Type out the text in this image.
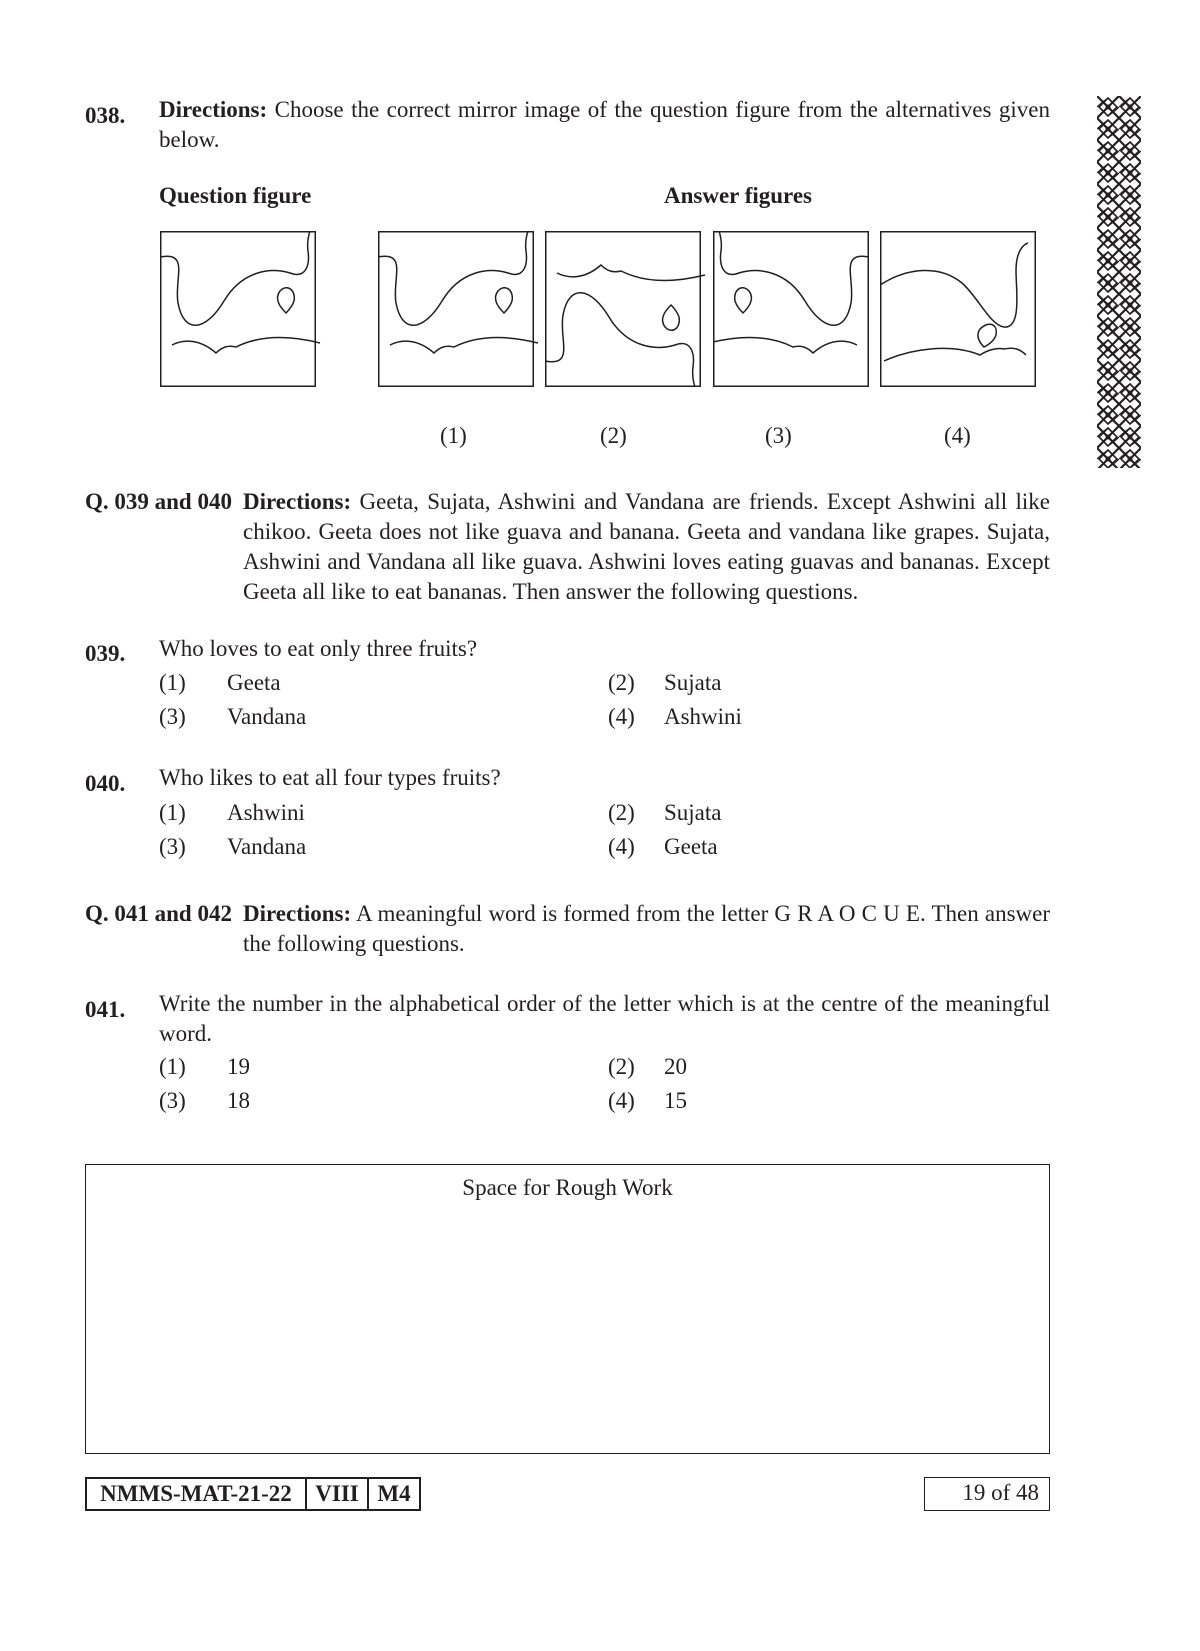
038. Directions: Choose the correct mirror image of the question figure from the alternatives given below.
Question figure	Answer figures
(1)	(2)	(3)	(4)
Q. 039 and 040 Directions: Geeta, Sujata, Ashwini and Vandana are friends. Except Ashwini all like chikoo. Geeta does not like guava and banana. Geeta and vandana like grapes. Sujata, Ashwini and Vandana all like guava. Ashwini loves eating guavas and bananas. Except Geeta all like to eat bananas. Then answer the following questions.
039. Who loves to eat only three fruits?
(1) Geeta	(2) Sujata
(3) Vandana	(4) Ashwini
040. Who likes to eat all four types fruits?
(1) Ashwini	(2) Sujata
(3) Vandana	(4) Geeta
Q. 041 and 042 Directions: A meaningful word is formed from the letter G R A O C U E. Then answer the following questions.
041. Write the number in the alphabetical order of the letter which is at the centre of the meaningful word.
(1) 19	(2) 20
(3) 18	(4) 15
Space for Rough Work
NMMS-MAT-21-22	VIII M4	19 of 48
